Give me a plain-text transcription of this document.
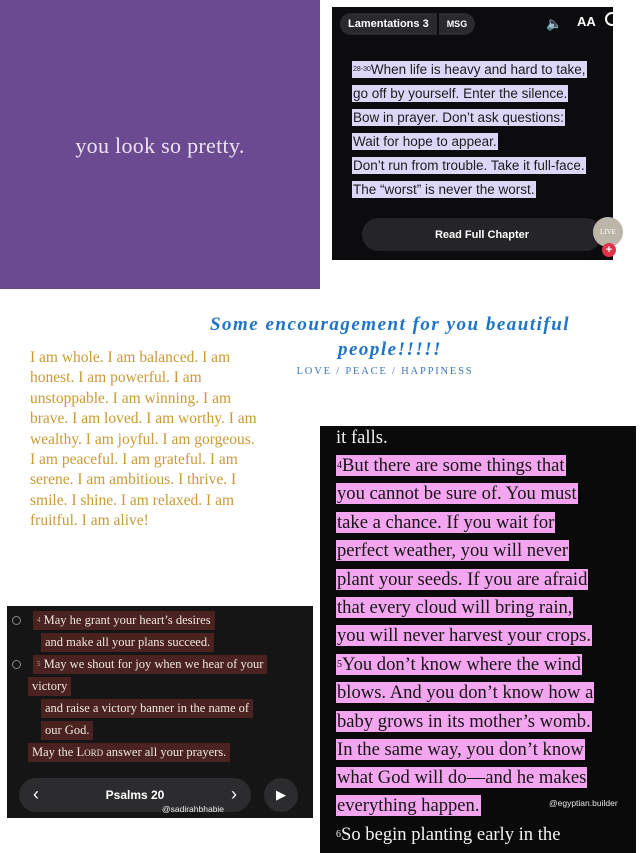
you look so pretty.
Lamentations 3	MSG	🔈 AA
$^{28-30}$When life is heavy and hard to take,
go off by yourself. Enter the silence.
Bow in prayer. Don’t ask questions:
Wait for hope to appear.
Don’t run from trouble. Take it full-face.
The “worst” is never the worst.
Read Full Chapter	LIVE
+
Some encouragement for you beautiful people!!!!!
LOVE / PEACE / HAPPINESS
I am whole. I am balanced. I am
honest. I am powerful. I am
unstoppable. I am winning. I am
brave. I am loved. I am worthy. I am
wealthy. I am joyful. I am gorgeous.
I am peaceful. I am grateful. I am
serene. I am ambitious. I thrive. I
smile. I shine. I am relaxed. I am
fruitful. I am alive!
$^4$ May he grant your heart’s desires
and make all your plans succeed.
$^5$ May we shout for joy when we hear of your
victory
and raise a victory banner in the name of
our God.
May the Lord answer all your prayers.
‹	Psalms 20	›	▶
@sadirahbhabie
it falls.
$^4$But there are some things that
you cannot be sure of. You must
take a chance. If you wait for
perfect weather, you will never
plant your seeds. If you are afraid
that every cloud will bring rain,
you will never harvest your crops.
$^5$You don’t know where the wind
blows. And you don’t know how a
baby grows in its mother’s womb.
In the same way, you don’t know
what God will do—and he makes
everything happen.
$^6$So begin planting early in the
@egyptian.builder
